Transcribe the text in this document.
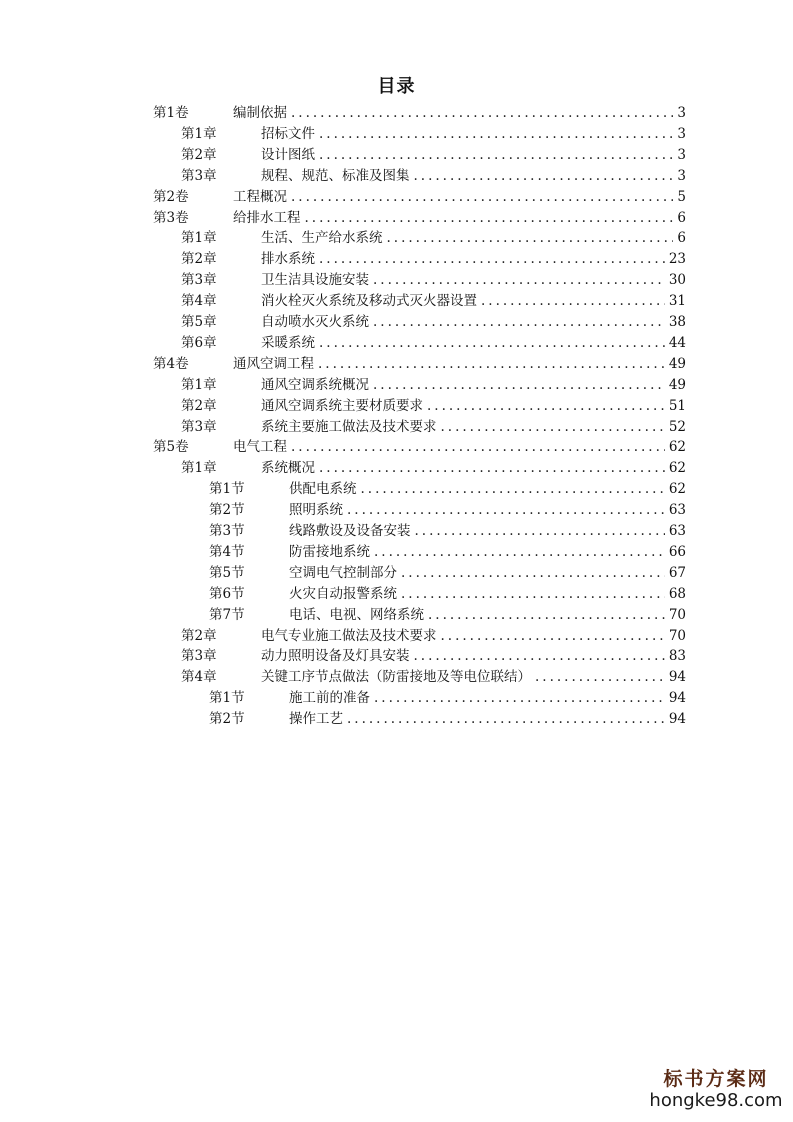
目录
第1卷	编制依据 .....	3
第1章	招标文件 .....	3
第2章	设计图纸 .....	3
第3章	规程、规范、标准及图集 .....	3
第2卷	工程概况 .....	5
第3卷	给排水工程 .....	6
第1章	生活、生产给水系统 .....	6
第2章	排水系统 .....	23
第3章	卫生洁具设施安装 .....	30
第4章	消火栓灭火系统及移动式灭火器设置 .....	31
第5章	自动喷水灭火系统 .....	38
第6章	采暖系统 .....	44
第4卷	通风空调工程 .....	49
第1章	通风空调系统概况 .....	49
第2章	通风空调系统主要材质要求 .....	51
第3章	系统主要施工做法及技术要求 .....	52
第5卷	电气工程 .....	62
第1章	系统概况 .....	62
第1节	供配电系统 .....	62
第2节	照明系统 .....	63
第3节	线路敷设及设备安装 .....	63
第4节	防雷接地系统 .....	66
第5节	空调电气控制部分 .....	67
第6节	火灾自动报警系统 .....	68
第7节	电话、电视、网络系统 .....	70
第2章	电气专业施工做法及技术要求 .....	70
第3章	动力照明设备及灯具安装 .....	83
第4章	关键工序节点做法（防雷接地及等电位联结） .....	94
第1节	施工前的准备 .....	94
第2节	操作工艺 .....	94
标书方案网
hongke98.com
